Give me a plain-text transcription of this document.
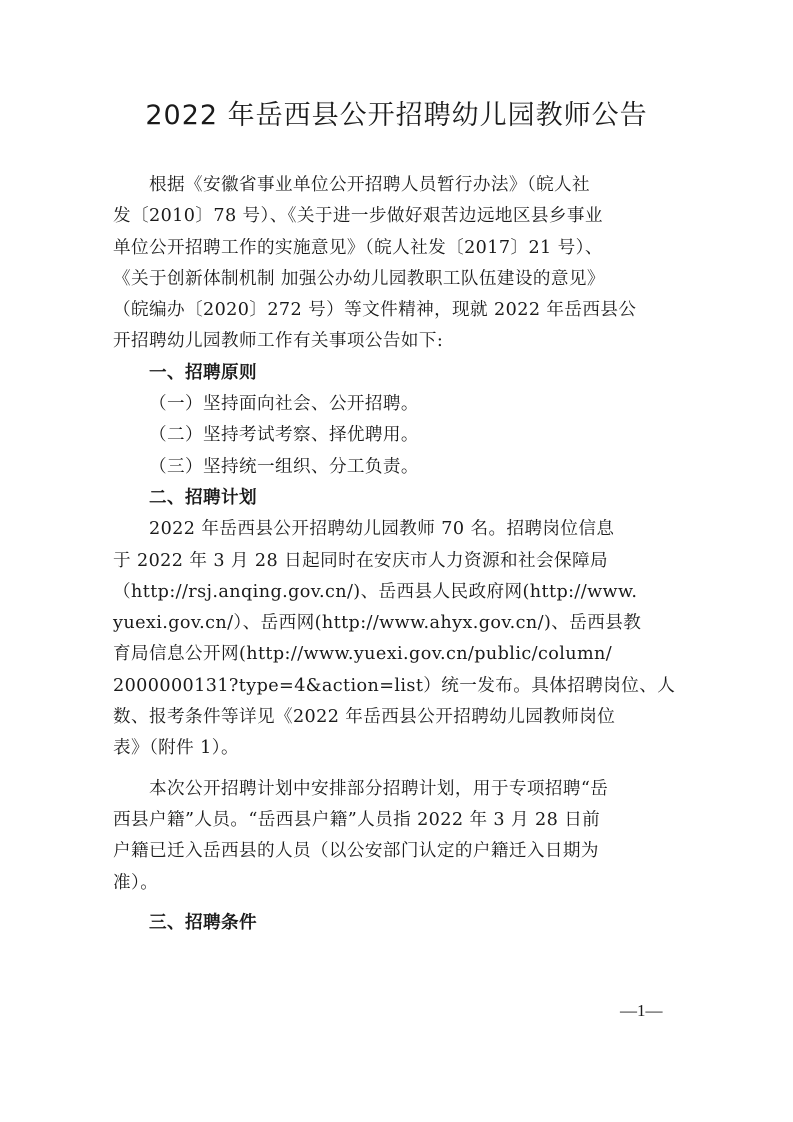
2022 年岳西县公开招聘幼儿园教师公告
根据《安徽省事业单位公开招聘人员暂行办法》（皖人社
发〔2010〕78 号）、《关于进一步做好艰苦边远地区县乡事业
单位公开招聘工作的实施意见》（皖人社发〔2017〕21 号）、
《关于创新体制机制 加强公办幼儿园教职工队伍建设的意见》
（皖编办〔2020〕272 号）等文件精神，现就 2022 年岳西县公
开招聘幼儿园教师工作有关事项公告如下:
一、招聘原则
（一）坚持面向社会、公开招聘。
（二）坚持考试考察、择优聘用。
（三）坚持统一组织、分工负责。
二、招聘计划
2022 年岳西县公开招聘幼儿园教师 70 名。招聘岗位信息
于 2022 年 3 月 28 日起同时在安庆市人力资源和社会保障局
（http://rsj.anqing.gov.cn/)、岳西县人民政府网(http://www.
yuexi.gov.cn/）、岳西网(http://www.ahyx.gov.cn/)、岳西县教
育局信息公开网(http://www.yuexi.gov.cn/public/column/
2000000131?type=4&action=list）统一发布。具体招聘岗位、人
数、报考条件等详见《2022 年岳西县公开招聘幼儿园教师岗位
表》（附件 1）。
本次公开招聘计划中安排部分招聘计划，用于专项招聘“岳
西县户籍”人员。“岳西县户籍”人员指 2022 年 3 月 28 日前
户籍已迁入岳西县的人员（以公安部门认定的户籍迁入日期为
准）。
三、招聘条件
—1—
